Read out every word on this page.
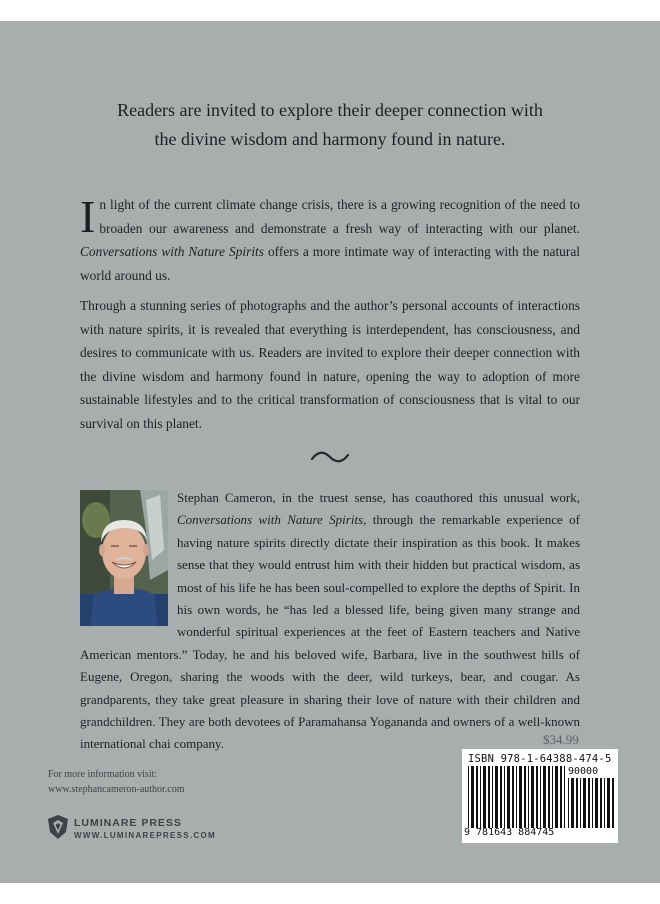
Readers are invited to explore their deeper connection with
the divine wisdom and harmony found in nature.
In light of the current climate change crisis, there is a growing recognition of the need to broaden our awareness and demonstrate a fresh way of interacting with our planet. Conversations with Nature Spirits offers a more intimate way of interacting with the natural world around us.
Through a stunning series of photographs and the author’s personal accounts of interactions with nature spirits, it is revealed that everything is interdependent, has consciousness, and desires to communicate with us. Readers are invited to explore their deeper connection with the divine wisdom and harmony found in nature, opening the way to adoption of more sustainable lifestyles and to the critical transformation of consciousness that is vital to our survival on this planet.
Stephan Cameron, in the truest sense, has coauthored this unusual work, Conversations with Nature Spirits, through the remarkable experience of having nature spirits directly dictate their inspiration as this book. It makes sense that they would entrust him with their hidden but practical wisdom, as most of his life he has been soul-compelled to explore the depths of Spirit. In his own words, he “has led a blessed life, being given many strange and wonderful spiritual experiences at the feet of Eastern teachers and Native American mentors.” Today, he and his beloved wife, Barbara, live in the southwest hills of Eugene, Oregon, sharing the woods with the deer, wild turkeys, bear, and cougar. As grandparents, they take great pleasure in sharing their love of nature with their children and grandchildren. They are both devotees of Paramahansa Yogananda and owners of a well-known international chai company.	$34.99
For more information visit:
www.stephancameron-author.com
LUMINARE PRESS
WWW.LUMINAREPRESS.COM
ISBN 978-1-64388-474-5
90000
9 781643 884745
